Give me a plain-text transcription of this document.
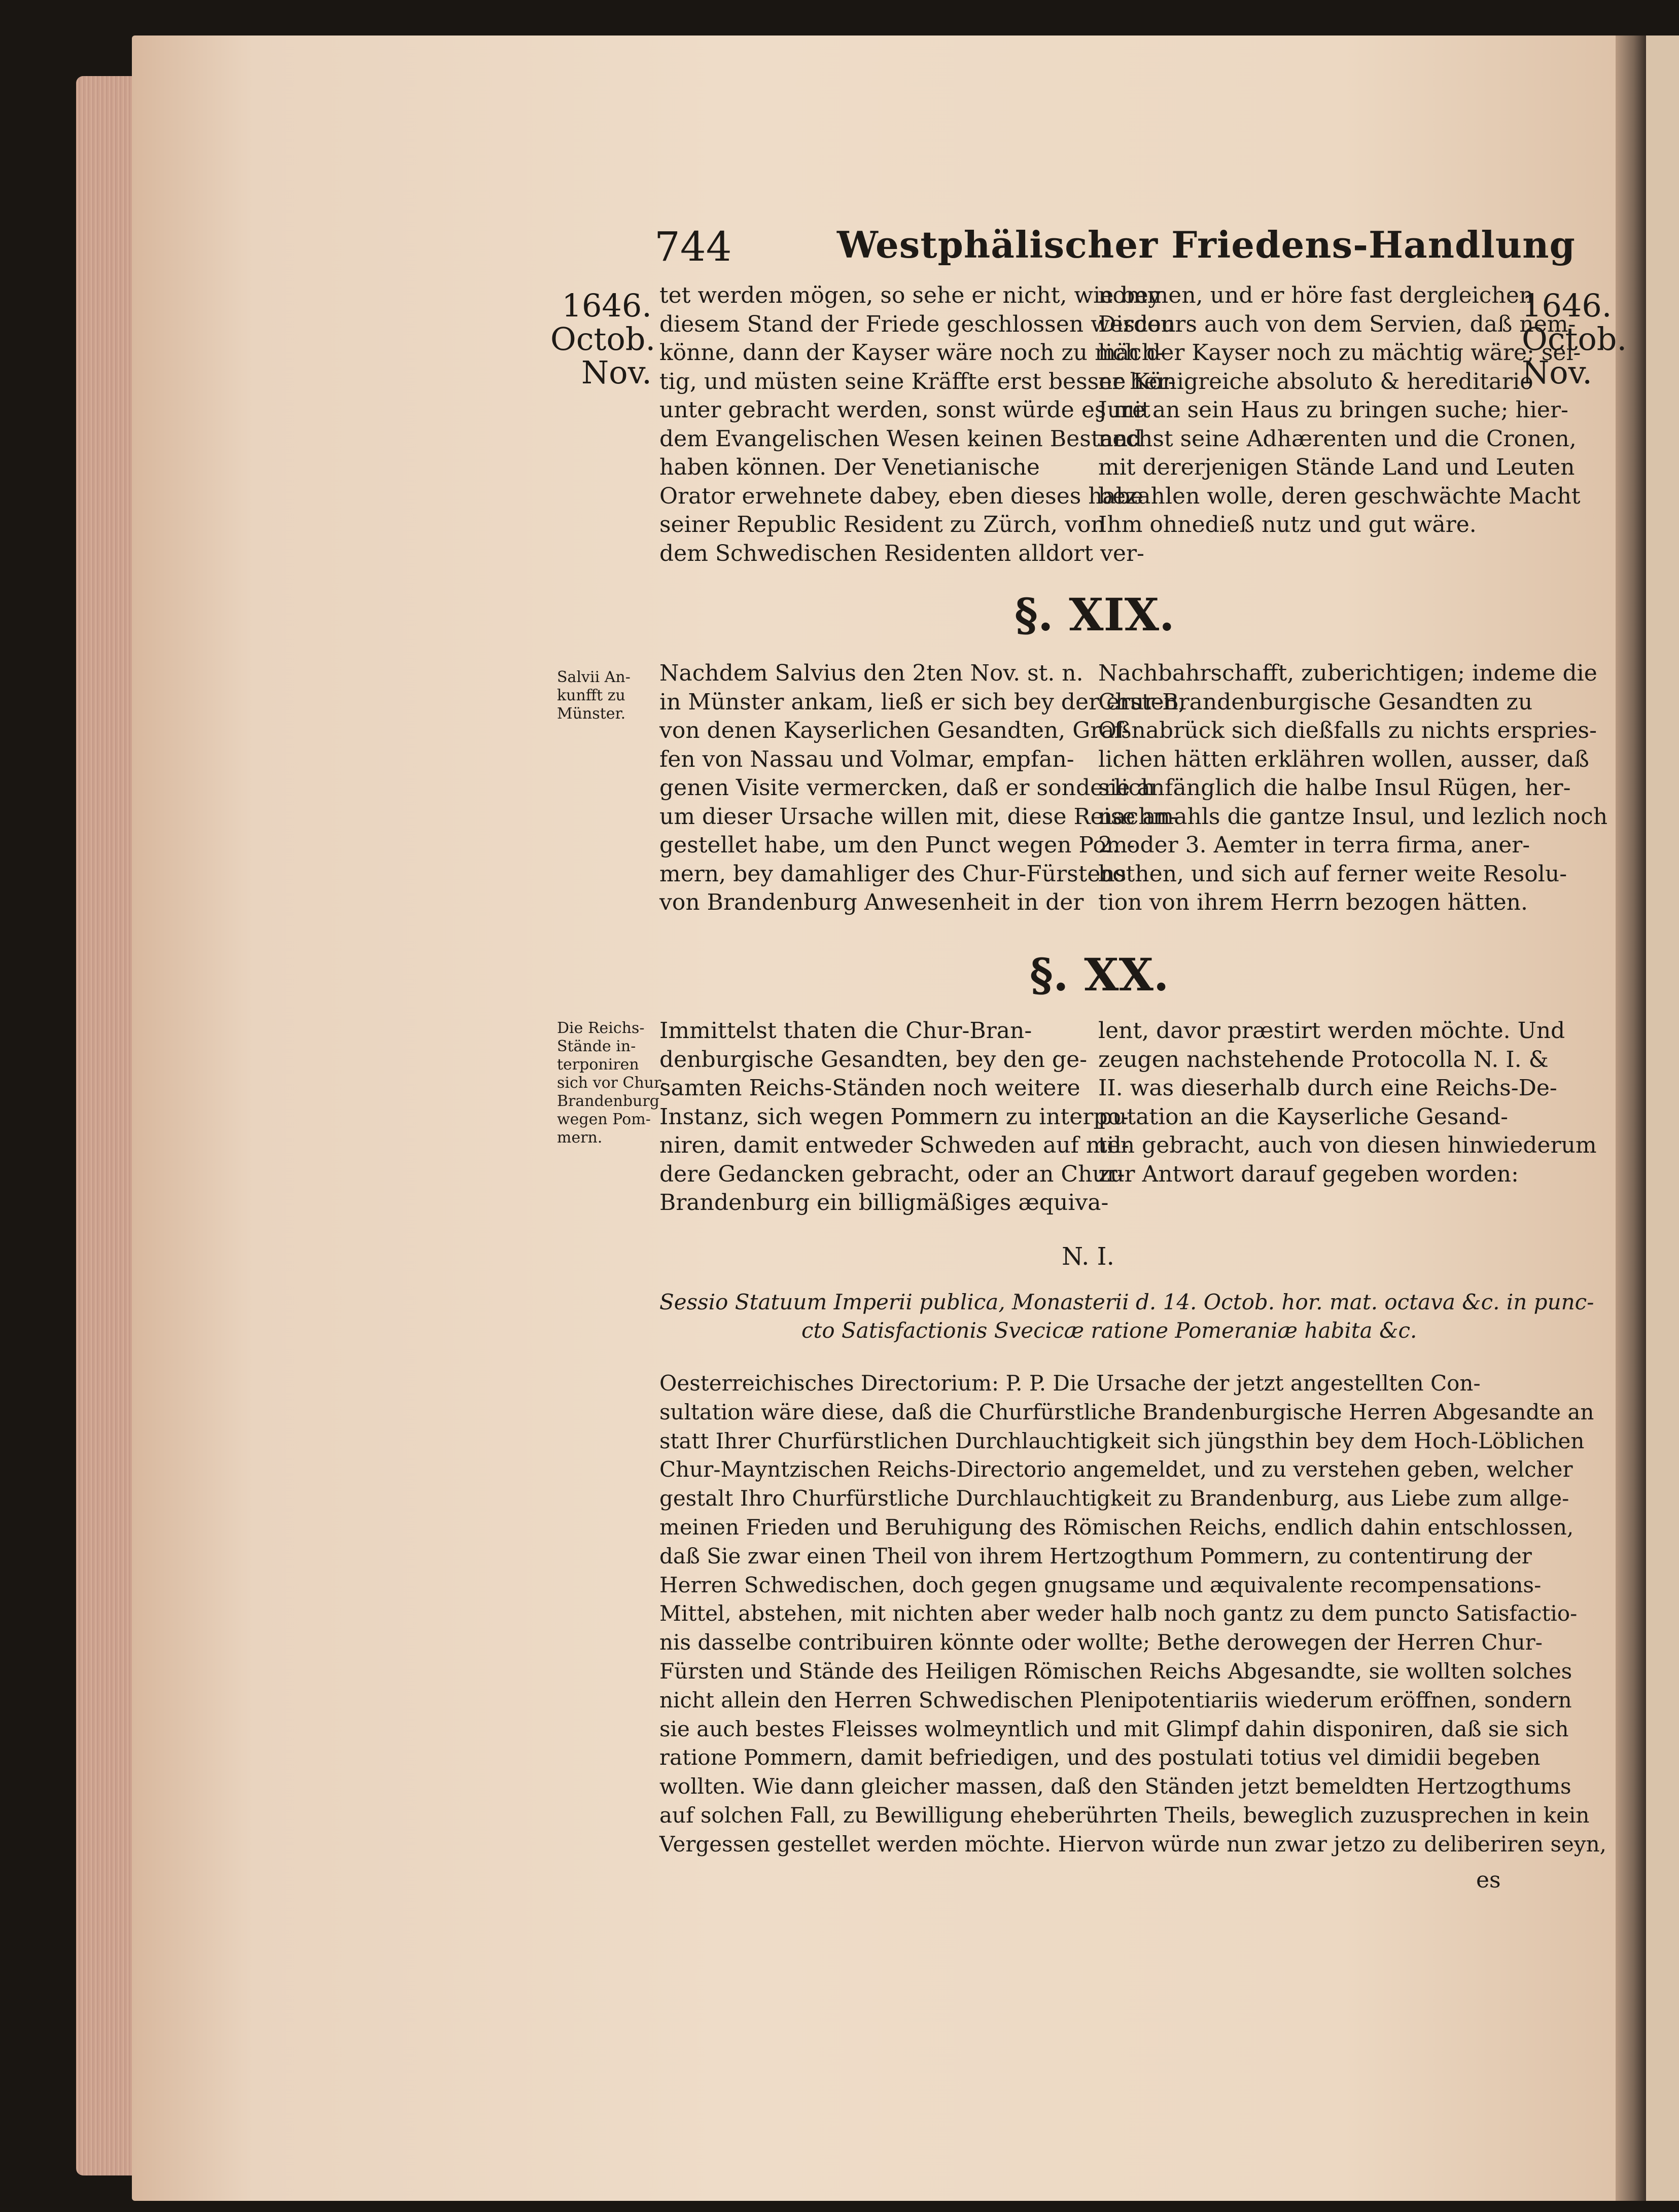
744	Westphälischer Friedens-Handlung
1646.
Octob.
Nov.
1646.
Octob.
Nov.
tet werden mögen, so sehe er nicht, wie bey
diesem Stand der Friede geschlossen werden
könne, dann der Kayser wäre noch zu mäch-
tig, und müsten seine Kräffte erst besser her-
unter gebracht werden, sonst würde es mit
dem Evangelischen Wesen keinen Bestand
haben können. Der Venetianische
Orator erwehnete dabey, eben dieses habe
seiner Republic Resident zu Zürch, von
dem Schwedischen Residenten alldort ver-
nommen, und er höre fast dergleichen
Discours auch von dem Servien, daß nem-
lich der Kayser noch zu mächtig wäre; sei-
ne Königreiche absoluto & hereditario
Jure an sein Haus zu bringen suche; hier-
nechst seine Adhærenten und die Cronen,
mit dererjenigen Stände Land und Leuten
bezahlen wolle, deren geschwächte Macht
Ihm ohnedieß nutz und gut wäre.
§. XIX.
Salvii An-
kunfft zu
Münster.
Nachdem Salvius den 2ten Nov. st. n.
in Münster ankam, ließ er sich bey der ersten,
von denen Kayserlichen Gesandten, Graf-
fen von Nassau und Volmar, empfan-
genen Visite vermercken, daß er sonderlich
um dieser Ursache willen mit, diese Reise an-
gestellet habe, um den Punct wegen Pom-
mern, bey damahliger des Chur-Fürstens
von Brandenburg Anwesenheit in der
Nachbahrschafft, zuberichtigen; indeme die
Chur-Brandenburgische Gesandten zu
Oßnabrück sich dießfalls zu nichts erspries-
lichen hätten erklähren wollen, ausser, daß
sie anfänglich die halbe Insul Rügen, her-
nachmahls die gantze Insul, und lezlich noch
2. oder 3. Aemter in terra firma, aner-
bothen, und sich auf ferner weite Resolu-
tion von ihrem Herrn bezogen hätten.
§. XX.
Die Reichs-
Stände in-
terponiren
sich vor Chur-
Brandenburg
wegen Pom-
mern.
Immittelst thaten die Chur-Bran-
denburgische Gesandten, bey den ge-
samten Reichs-Ständen noch weitere
Instanz, sich wegen Pommern zu interpo-
niren, damit entweder Schweden auf mil-
dere Gedancken gebracht, oder an Chur-
Brandenburg ein billigmäßiges æquiva-
lent, davor præstirt werden möchte. Und
zeugen nachstehende Protocolla N. I. &
II. was dieserhalb durch eine Reichs-De-
putation an die Kayserliche Gesand-
ten gebracht, auch von diesen hinwiederum
zur Antwort darauf gegeben worden:
N. I.
Sessio Statuum Imperii publica, Monasterii d. 14. Octob. hor. mat. octava &c. in punc-
cto Satisfactionis Svecicæ ratione Pomeraniæ habita &c.
Oesterreichisches Directorium: P. P. Die Ursache der jetzt angestellten Con-
sultation wäre diese, daß die Churfürstliche Brandenburgische Herren Abgesandte an
statt Ihrer Churfürstlichen Durchlauchtigkeit sich jüngsthin bey dem Hoch-Löblichen
Chur-Mayntzischen Reichs-Directorio angemeldet, und zu verstehen geben, welcher
gestalt Ihro Churfürstliche Durchlauchtigkeit zu Brandenburg, aus Liebe zum allge-
meinen Frieden und Beruhigung des Römischen Reichs, endlich dahin entschlossen,
daß Sie zwar einen Theil von ihrem Hertzogthum Pommern, zu contentirung der
Herren Schwedischen, doch gegen gnugsame und æquivalente recompensations-
Mittel, abstehen, mit nichten aber weder halb noch gantz zu dem puncto Satisfactio-
nis dasselbe contribuiren könnte oder wollte; Bethe derowegen der Herren Chur-
Fürsten und Stände des Heiligen Römischen Reichs Abgesandte, sie wollten solches
nicht allein den Herren Schwedischen Plenipotentiariis wiederum eröffnen, sondern
sie auch bestes Fleisses wolmeyntlich und mit Glimpf dahin disponiren, daß sie sich
ratione Pommern, damit befriedigen, und des postulati totius vel dimidii begeben
wollten. Wie dann gleicher massen, daß den Ständen jetzt bemeldten Hertzogthums
auf solchen Fall, zu Bewilligung eheberührten Theils, beweglich zuzusprechen in kein
Vergessen gestellet werden möchte. Hiervon würde nun zwar jetzo zu deliberiren seyn,
es
